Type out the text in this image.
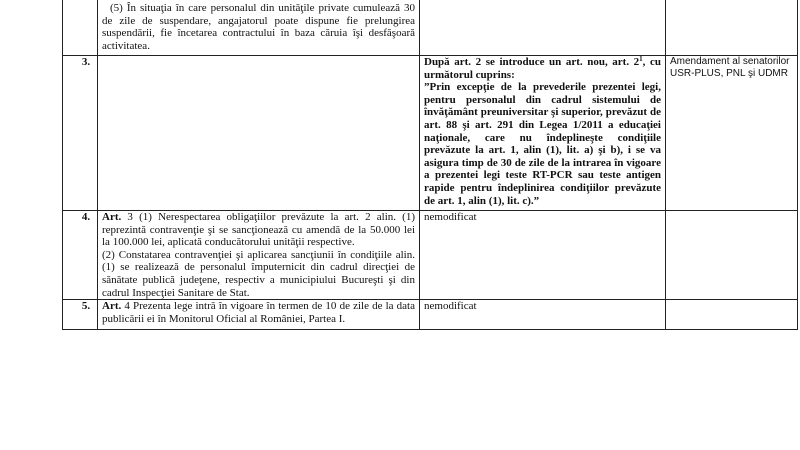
	(5) În situaţia în care personalul din unităţile private cumulează 30 de zile de suspendare, angajatorul poate dispune fie prelungirea suspendării, fie încetarea contractului în baza căruia îşi desfăşoară activitatea.		

3.		După art. 2 se introduce un art. nou, art. $2^1$, cu următorul cuprins:
”Prin excepţie de la prevederile prezentei legi, pentru personalul din cadrul sistemului de învăţământ preuniversitar şi superior, prevăzut de art. 88 şi art. 291 din Legea 1/2011 a educaţiei naţionale, care nu îndeplineşte condiţiile prevăzute la art. 1, alin (1), lit. a) şi b), i se va asigura timp de 30 de zile de la intrarea în vigoare a prezentei legi teste RT-PCR sau teste antigen rapide pentru îndeplinirea condiţiilor prevăzute de art. 1, alin (1), lit. c).”	Amendament al senatorilor USR-PLUS, PNL şi UDMR
4.	Art. 3 (1) Nerespectarea obligaţiilor prevăzute la art. 2 alin. (1) reprezintă contravenţie şi se sancţionează cu amendă de la 50.000 lei la 100.000 lei, aplicată conducătorului unităţii respective.
(2) Constatarea contravenţiei şi aplicarea sancţiunii în condiţiile alin. (1) se realizează de personalul împuternicit din cadrul direcţiei de sănătate publică judeţene, respectiv a municipiului Bucureşti şi din cadrul Inspecţiei Sanitare de Stat.	nemodificat	
5.	Art. 4 Prezenta lege intră în vigoare în termen de 10 de zile de la data publicării ei în Monitorul Oficial al României, Partea I.	nemodificat	
